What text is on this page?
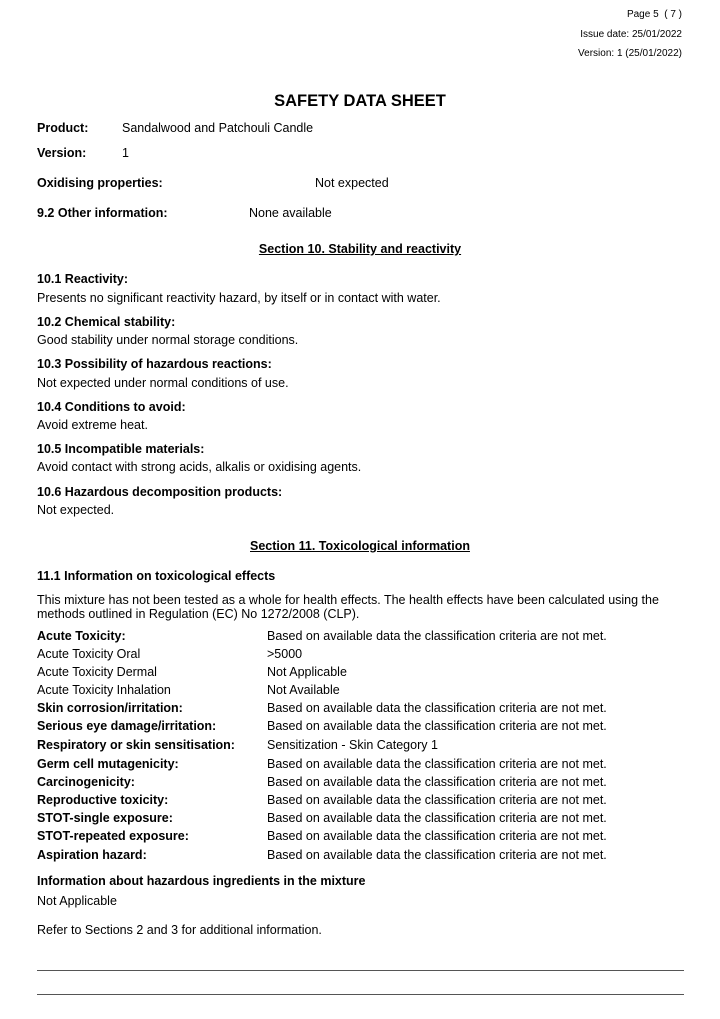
Page 5 ( 7 )
Issue date: 25/01/2022
Version: 1 (25/01/2022)
SAFETY DATA SHEET
Product:	Sandalwood and Patchouli Candle
Version:	1
Oxidising properties:	Not expected
9.2 Other information:	None available
Section 10. Stability and reactivity
10.1 Reactivity:
Presents no significant reactivity hazard, by itself or in contact with water.
10.2 Chemical stability:
Good stability under normal storage conditions.
10.3 Possibility of hazardous reactions:
Not expected under normal conditions of use.
10.4 Conditions to avoid:
Avoid extreme heat.
10.5 Incompatible materials:
Avoid contact with strong acids, alkalis or oxidising agents.
10.6 Hazardous decomposition products:
Not expected.
Section 11. Toxicological information
11.1 Information on toxicological effects
This mixture has not been tested as a whole for health effects. The health effects have been calculated using the methods outlined in Regulation (EC) No 1272/2008 (CLP).
Acute Toxicity:	Based on available data the classification criteria are not met.
Acute Toxicity Oral	>5000
Acute Toxicity Dermal	Not Applicable
Acute Toxicity Inhalation	Not Available
Skin corrosion/irritation:	Based on available data the classification criteria are not met.
Serious eye damage/irritation:	Based on available data the classification criteria are not met.
Respiratory or skin sensitisation:	Sensitization - Skin Category 1
Germ cell mutagenicity:	Based on available data the classification criteria are not met.
Carcinogenicity:	Based on available data the classification criteria are not met.
Reproductive toxicity:	Based on available data the classification criteria are not met.
STOT-single exposure:	Based on available data the classification criteria are not met.
STOT-repeated exposure:	Based on available data the classification criteria are not met.
Aspiration hazard:	Based on available data the classification criteria are not met.
Information about hazardous ingredients in the mixture
Not Applicable
Refer to Sections 2 and 3 for additional information.
